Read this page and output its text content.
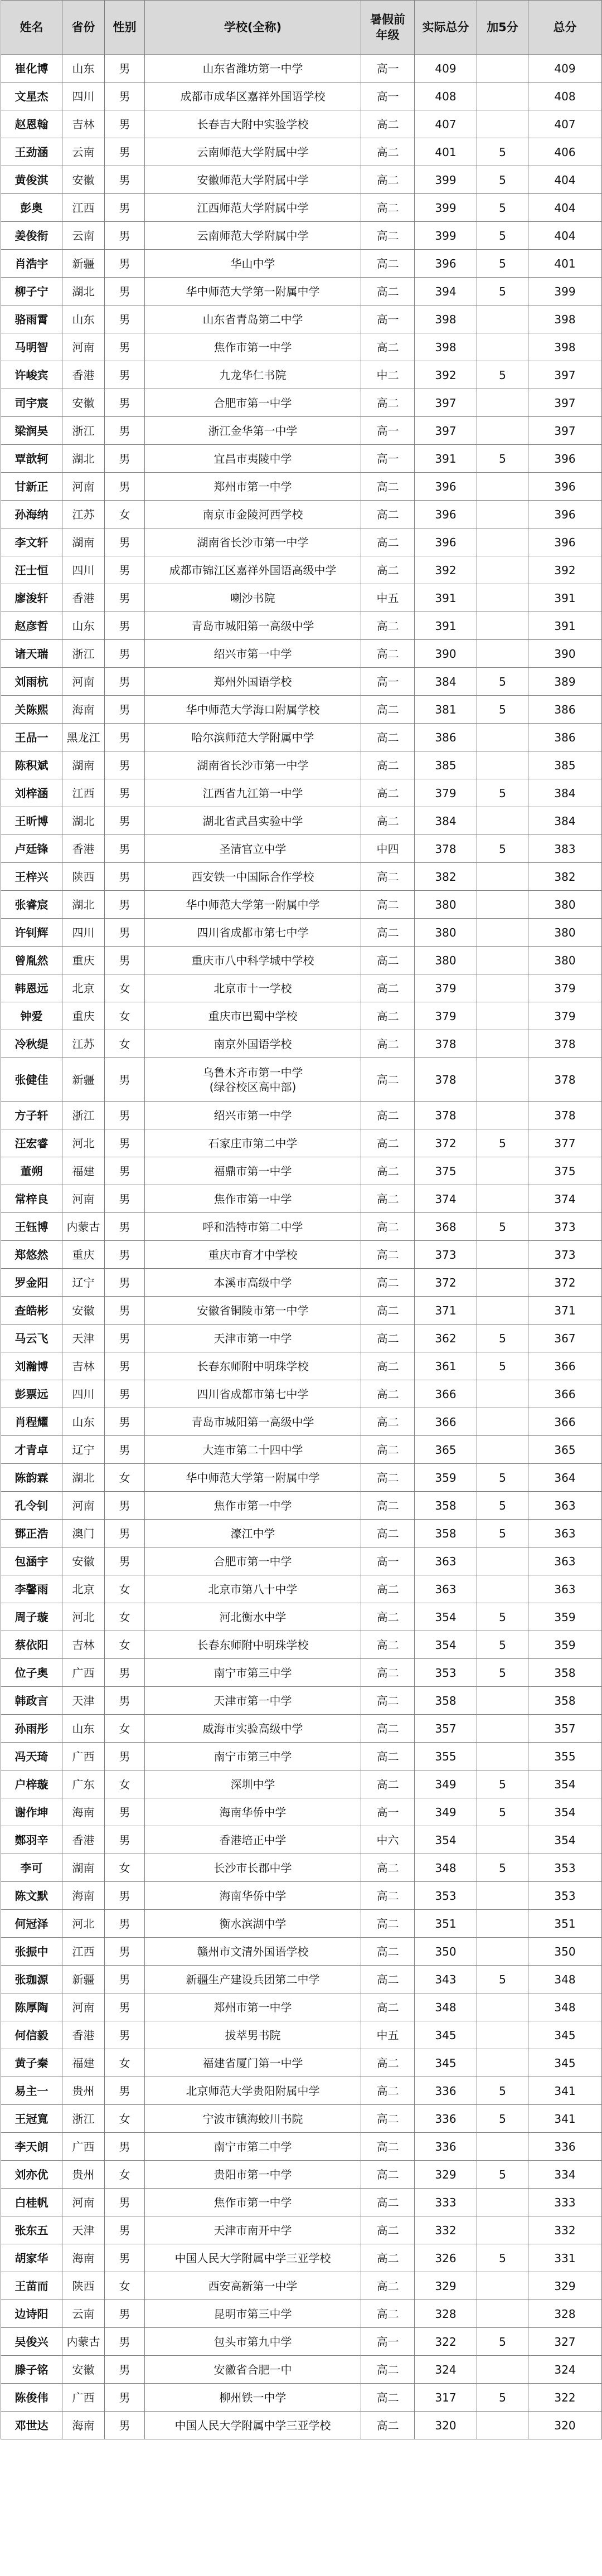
姓名	省份	性别	学校(全称)	暑假前
年级	实际总分	加5分	总分
崔化博	山东	男	山东省潍坊第一中学	高一	409		409
文星杰	四川	男	成都市成华区嘉祥外国语学校	高一	408		408
赵恩翰	吉林	男	长春吉大附中实验学校	高二	407		407
王劲涵	云南	男	云南师范大学附属中学	高二	401	5	406
黄俊淇	安徽	男	安徽师范大学附属中学	高二	399	5	404
彭奥	江西	男	江西师范大学附属中学	高二	399	5	404
姜俊衔	云南	男	云南师范大学附属中学	高二	399	5	404
肖浩宇	新疆	男	华山中学	高二	396	5	401
柳子宁	湖北	男	华中师范大学第一附属中学	高二	394	5	399
骆雨霄	山东	男	山东省青岛第二中学	高一	398		398
马明智	河南	男	焦作市第一中学	高二	398		398
许峻宾	香港	男	九龙华仁书院	中二	392	5	397
司宇宸	安徽	男	合肥市第一中学	高二	397		397
梁润昊	浙江	男	浙江金华第一中学	高一	397		397
覃歆轲	湖北	男	宜昌市夷陵中学	高一	391	5	396
甘新正	河南	男	郑州市第一中学	高二	396		396
孙海纳	江苏	女	南京市金陵河西学校	高二	396		396
李文轩	湖南	男	湖南省长沙市第一中学	高二	396		396
汪士恒	四川	男	成都市锦江区嘉祥外国语高级中学	高二	392		392
廖浚轩	香港	男	喇沙书院	中五	391		391
赵彦哲	山东	男	青岛市城阳第一高级中学	高二	391		391
诸天瑞	浙江	男	绍兴市第一中学	高二	390		390
刘雨杭	河南	男	郑州外国语学校	高一	384	5	389
关陈熙	海南	男	华中师范大学海口附属学校	高二	381	5	386
王品一	黑龙江	男	哈尔滨师范大学附属中学	高二	386		386
陈积斌	湖南	男	湖南省长沙市第一中学	高二	385		385
刘梓涵	江西	男	江西省九江第一中学	高二	379	5	384
王昕博	湖北	男	湖北省武昌实验中学	高二	384		384
卢廷锋	香港	男	圣清官立中学	中四	378	5	383
王梓兴	陕西	男	西安铁一中国际合作学校	高二	382		382
张睿宸	湖北	男	华中师范大学第一附属中学	高二	380		380
许钊辉	四川	男	四川省成都市第七中学	高二	380		380
曾胤然	重庆	男	重庆市八中科学城中学校	高二	380		380
韩恩远	北京	女	北京市十一学校	高二	379		379
钟爱	重庆	女	重庆市巴蜀中学校	高二	379		379
冷秋缇	江苏	女	南京外国语学校	高二	378		378
张健佳	新疆	男	乌鲁木齐市第一中学
(绿谷校区高中部)	高二	378		378
方子轩	浙江	男	绍兴市第一中学	高二	378		378
汪宏睿	河北	男	石家庄市第二中学	高二	372	5	377
董朔	福建	男	福鼎市第一中学	高二	375		375
常梓良	河南	男	焦作市第一中学	高二	374		374
王钰博	内蒙古	男	呼和浩特市第二中学	高二	368	5	373
郑悠然	重庆	男	重庆市育才中学校	高二	373		373
罗金阳	辽宁	男	本溪市高级中学	高二	372		372
查皓彬	安徽	男	安徽省铜陵市第一中学	高二	371		371
马云飞	天津	男	天津市第一中学	高二	362	5	367
刘瀚博	吉林	男	长春东师附中明珠学校	高二	361	5	366
彭票远	四川	男	四川省成都市第七中学	高二	366		366
肖程耀	山东	男	青岛市城阳第一高级中学	高二	366		366
才青卓	辽宁	男	大连市第二十四中学	高二	365		365
陈韵霖	湖北	女	华中师范大学第一附属中学	高二	359	5	364
孔令钊	河南	男	焦作市第一中学	高二	358	5	363
鄧正浩	澳门	男	濠江中学	高二	358	5	363
包涵宇	安徽	男	合肥市第一中学	高一	363		363
李馨雨	北京	女	北京市第八十中学	高二	363		363
周子璇	河北	女	河北衡水中学	高二	354	5	359
蔡依阳	吉林	女	长春东师附中明珠学校	高二	354	5	359
位子奥	广西	男	南宁市第三中学	高二	353	5	358
韩政言	天津	男	天津市第一中学	高二	358		358
孙雨彤	山东	女	威海市实验高级中学	高二	357		357
冯天琦	广西	男	南宁市第三中学	高二	355		355
户梓璇	广东	女	深圳中学	高二	349	5	354
谢作坤	海南	男	海南华侨中学	高一	349	5	354
鄭羽辛	香港	男	香港培正中学	中六	354		354
李可	湖南	女	长沙市长郡中学	高二	348	5	353
陈文默	海南	男	海南华侨中学	高二	353		353
何冠泽	河北	男	衡水滨湖中学	高二	351		351
张振中	江西	男	赣州市文清外国语学校	高二	350		350
张珈源	新疆	男	新疆生产建设兵团第二中学	高二	343	5	348
陈厚陶	河南	男	郑州市第一中学	高二	348		348
何信毅	香港	男	拔萃男书院	中五	345		345
黄子秦	福建	女	福建省厦门第一中学	高二	345		345
易主一	贵州	男	北京师范大学贵阳附属中学	高二	336	5	341
王冠寬	浙江	女	宁波市镇海蛟川书院	高二	336	5	341
李天朗	广西	男	南宁市第二中学	高二	336		336
刘亦优	贵州	女	贵阳市第一中学	高二	329	5	334
白桂帆	河南	男	焦作市第一中学	高二	333		333
张东五	天津	男	天津市南开中学	高二	332		332
胡家华	海南	男	中国人民大学附属中学三亚学校	高二	326	5	331
王苗而	陕西	女	西安高新第一中学	高二	329		329
边诗阳	云南	男	昆明市第三中学	高二	328		328
吴俊兴	内蒙古	男	包头市第九中学	高一	322	5	327
滕子铭	安徽	男	安徽省合肥一中	高二	324		324
陈俊伟	广西	男	柳州铁一中学	高二	317	5	322
邓世达	海南	男	中国人民大学附属中学三亚学校	高二	320		320
